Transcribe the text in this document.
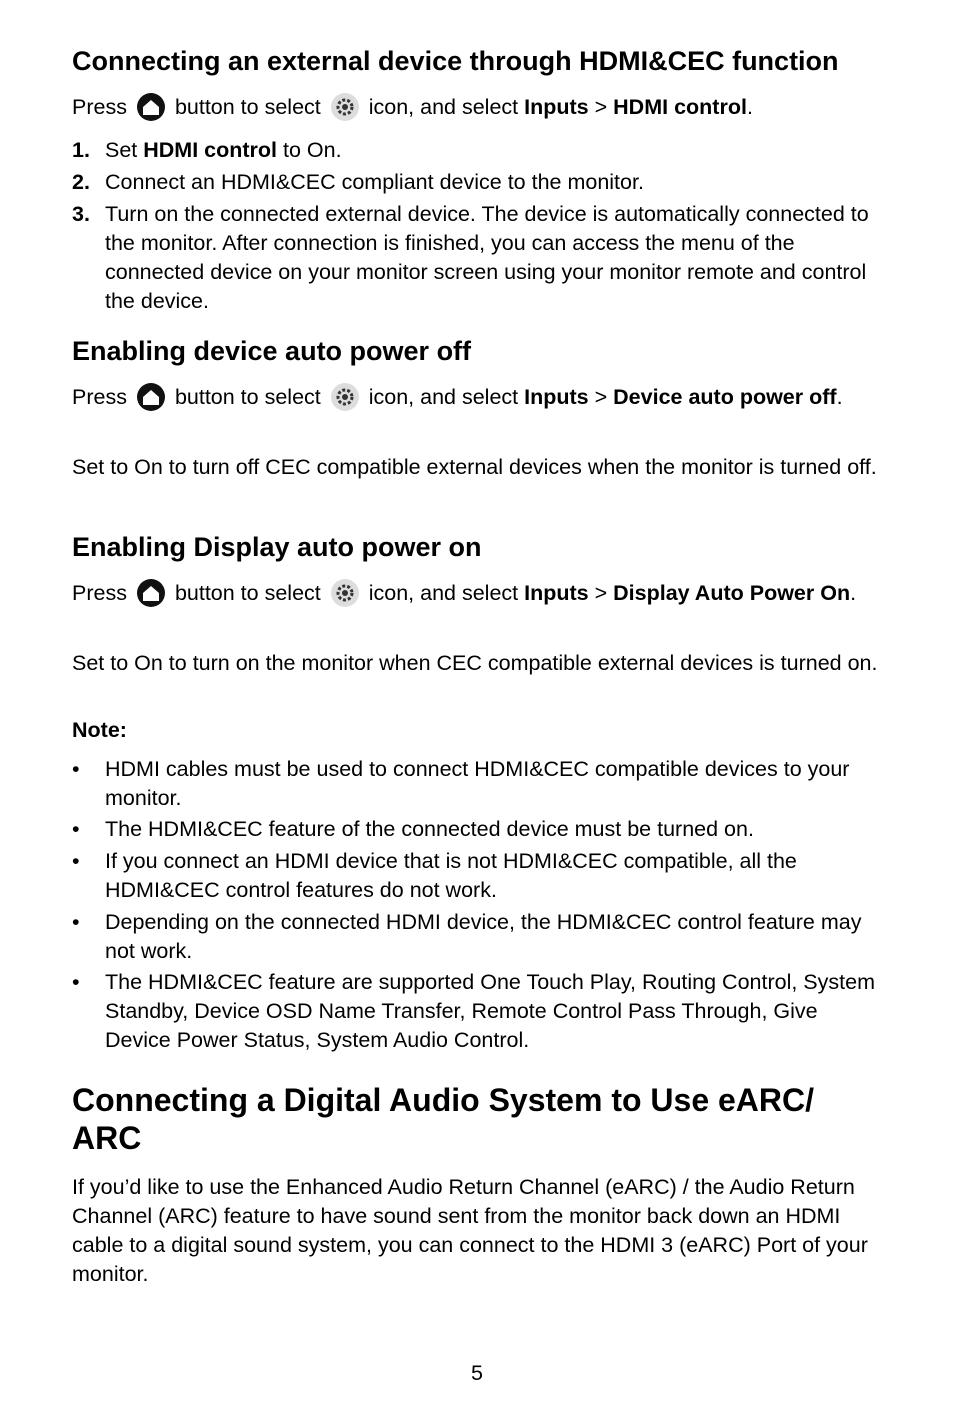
Connecting an external device through HDMI&CEC function
Press button to select icon, and select Inputs > HDMI control.
1. Set HDMI control to On.
2. Connect an HDMI&CEC compliant device to the monitor.
3. Turn on the connected external device. The device is automatically connected to the monitor. After connection is finished, you can access the menu of the connected device on your monitor screen using your monitor remote and control the device.
Enabling device auto power off
Press button to select icon, and select Inputs > Device auto power off.
Set to On to turn off CEC compatible external devices when the monitor is turned off.
Enabling Display auto power on
Press button to select icon, and select Inputs > Display Auto Power On.
Set to On to turn on the monitor when CEC compatible external devices is turned on.
Note:
• HDMI cables must be used to connect HDMI&CEC compatible devices to your monitor.
• The HDMI&CEC feature of the connected device must be turned on.
• If you connect an HDMI device that is not HDMI&CEC compatible, all the HDMI&CEC control features do not work.
• Depending on the connected HDMI device, the HDMI&CEC control feature may not work.
• The HDMI&CEC feature are supported One Touch Play, Routing Control, System Standby, Device OSD Name Transfer, Remote Control Pass Through, Give Device Power Status, System Audio Control.
Connecting a Digital Audio System to Use eARC/ ARC
If you’d like to use the Enhanced Audio Return Channel (eARC) / the Audio Return Channel (ARC) feature to have sound sent from the monitor back down an HDMI cable to a digital sound system, you can connect to the HDMI 3 (eARC) Port of your monitor.
5
